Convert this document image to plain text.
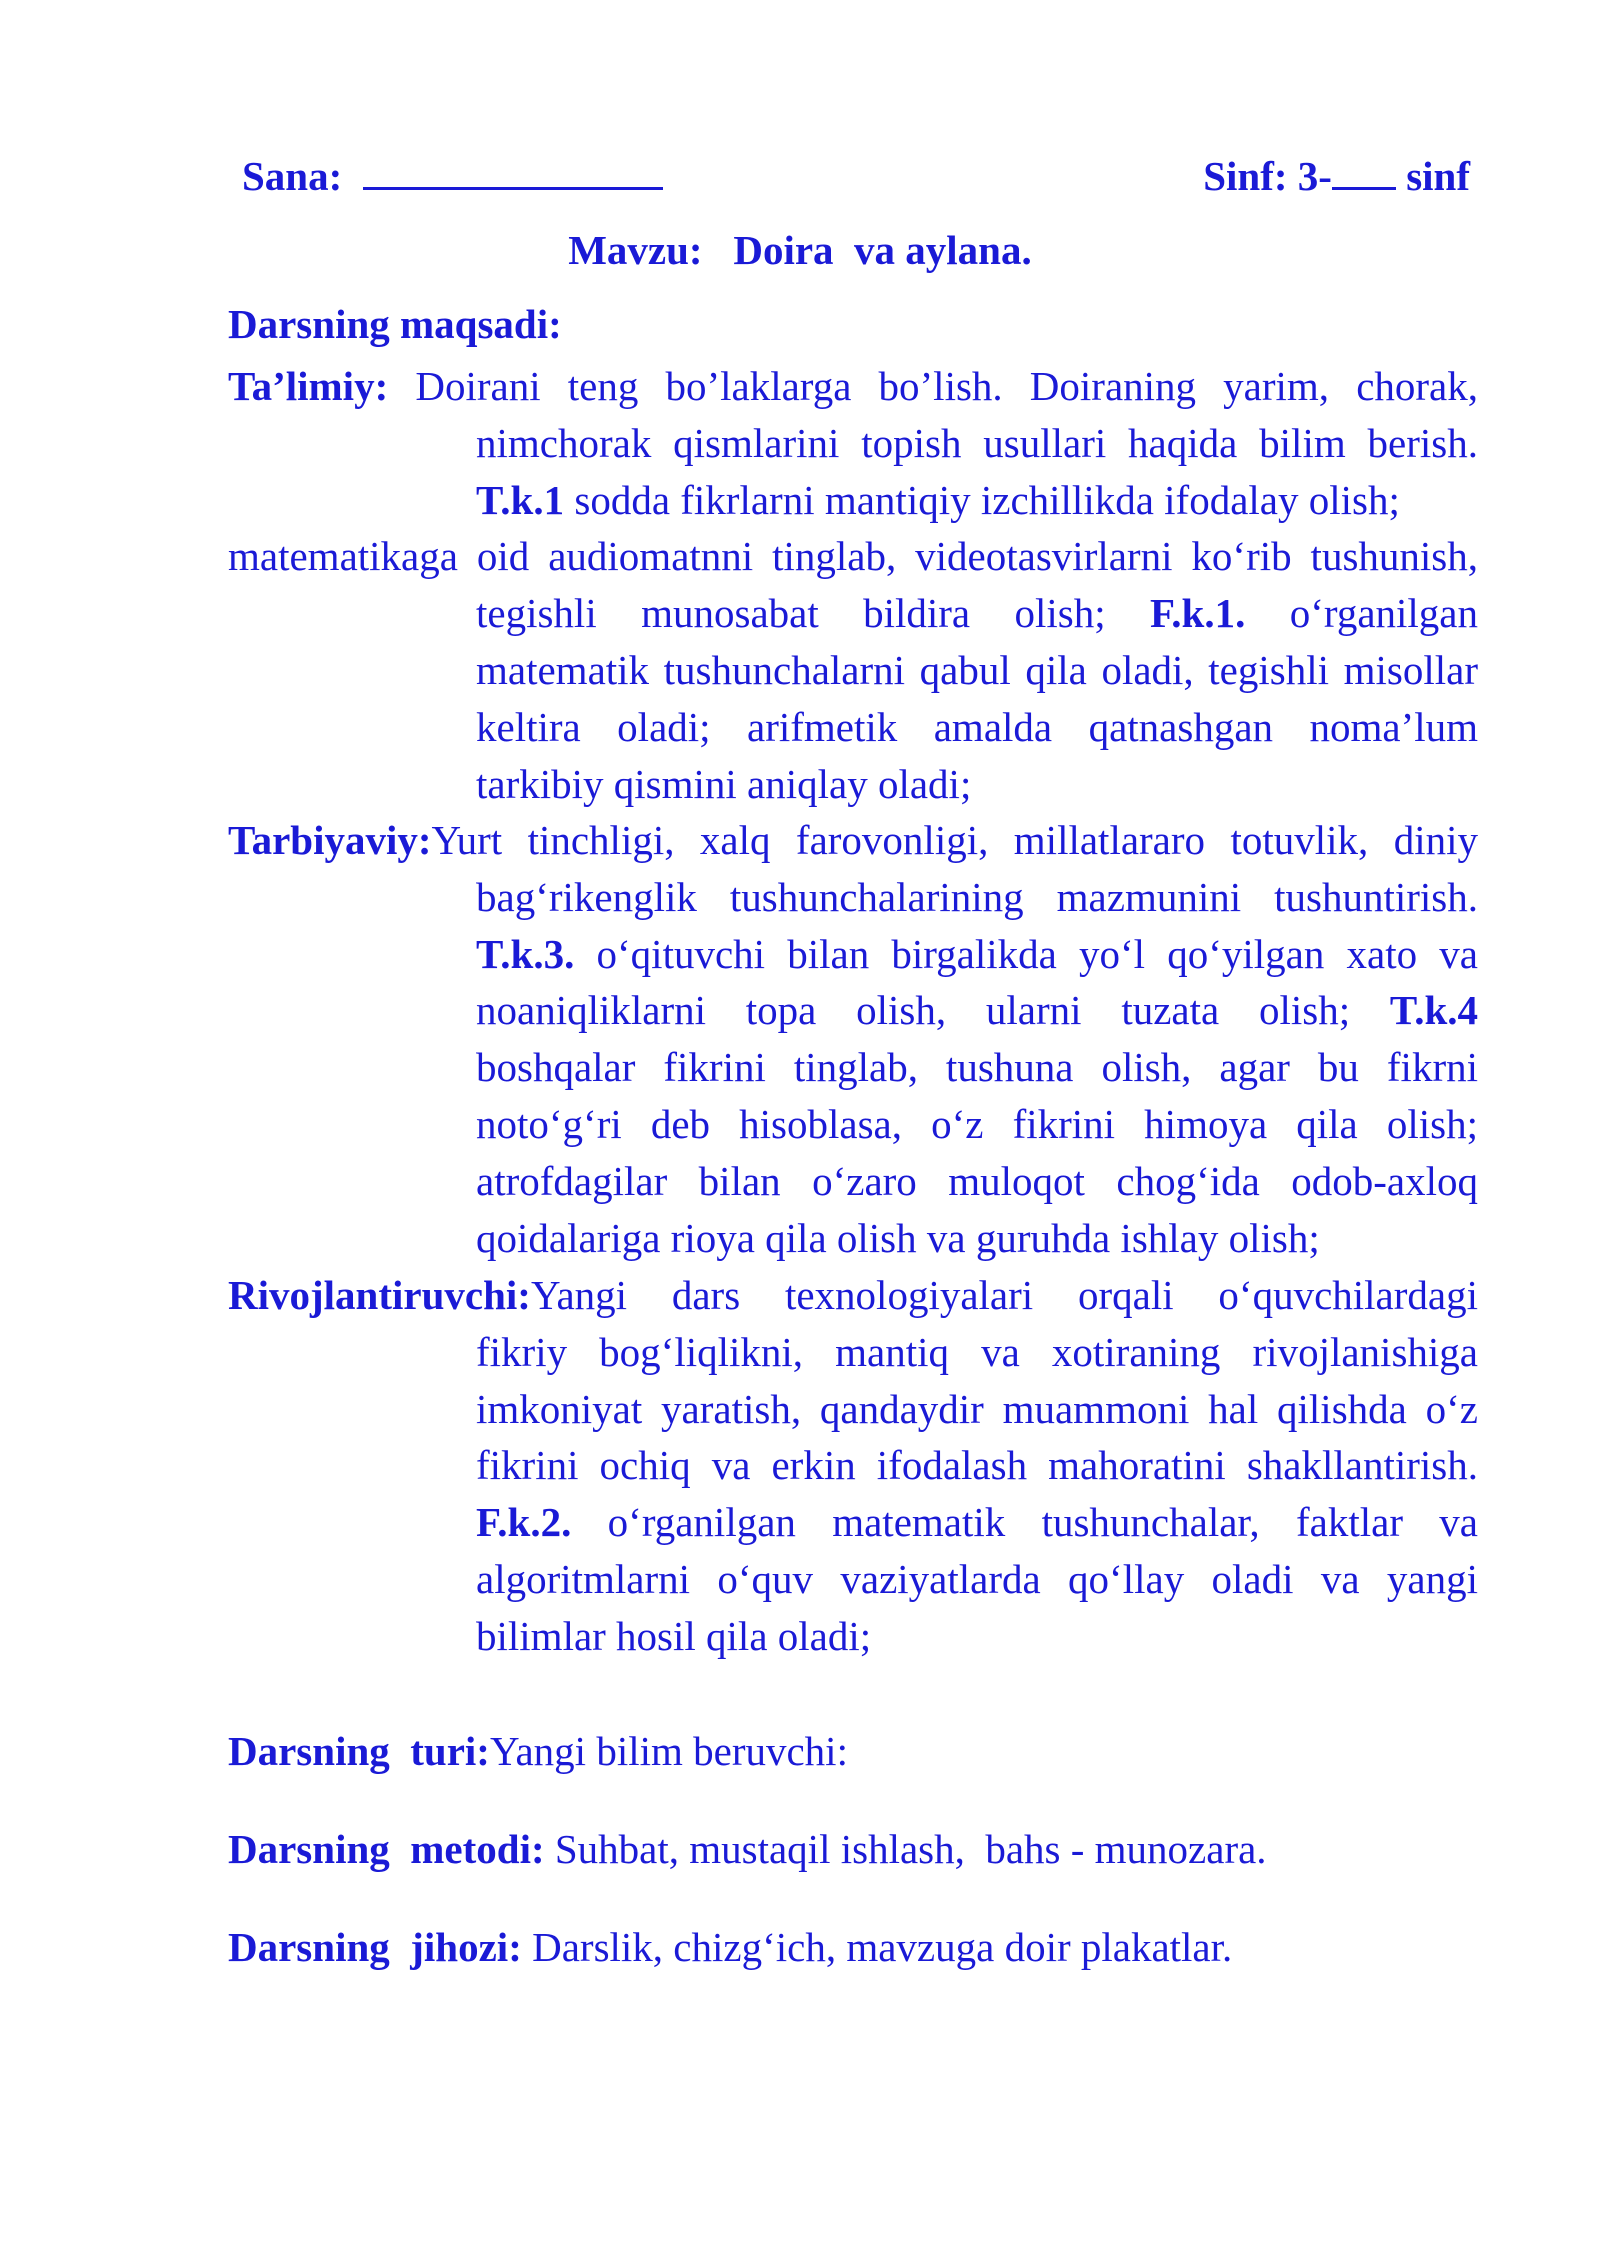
Sana:	Sinf: 3- sinf
Mavzu: Doira  va aylana.
Darsning maqsadi:
Ta’limiy: Doirani teng bo’laklarga bo’lish. Doiraning yarim, chorak,
nimchorak qismlarini topish usullari haqida bilim berish.
T.k.1 sodda fikrlarni mantiqiy izchillikda ifodalay olish;
matematikaga oid audiomatnni tinglab, videotasvirlarni ko‘rib tushunish,
tegishli munosabat bildira olish; F.k.1. o‘rganilgan
matematik tushunchalarni qabul qila oladi, tegishli misollar
keltira oladi; arifmetik amalda qatnashgan noma’lum
tarkibiy qismini aniqlay oladi;
Tarbiyaviy:Yurt tinchligi, xalq farovonligi, millatlararo totuvlik, diniy
bag‘rikenglik tushunchalarining mazmunini tushuntirish.
T.k.3. o‘qituvchi bilan birgalikda yo‘l qo‘yilgan xato va
noaniqliklarni topa olish, ularni tuzata olish; T.k.4
boshqalar fikrini tinglab, tushuna olish, agar bu fikrni
noto‘g‘ri deb hisoblasa, o‘z fikrini himoya qila olish;
atrofdagilar bilan o‘zaro muloqot chog‘ida odob-axloq
qoidalariga rioya qila olish va guruhda ishlay olish;
Rivojlantiruvchi:Yangi dars texnologiyalari orqali o‘quvchilardagi
fikriy bog‘liqlikni, mantiq va xotiraning rivojlanishiga
imkoniyat yaratish, qandaydir muammoni hal qilishda o‘z
fikrini ochiq va erkin ifodalash mahoratini shakllantirish.
F.k.2. o‘rganilgan matematik tushunchalar, faktlar va
algoritmlarni o‘quv vaziyatlarda qo‘llay oladi va yangi
bilimlar hosil qila oladi;
Darsning  turi:Yangi bilim beruvchi:
Darsning  metodi: Suhbat, mustaqil ishlash,  bahs - munozara.
Darsning  jihozi: Darslik, chizg‘ich, mavzuga doir plakatlar.
